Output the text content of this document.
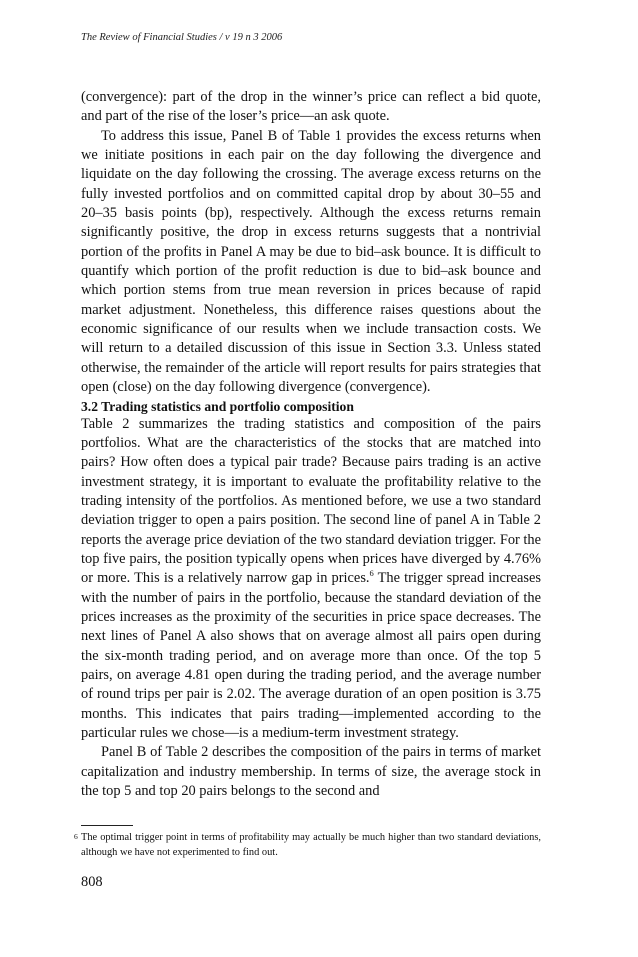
The Review of Financial Studies / v 19 n 3 2006

(convergence): part of the drop in the winner’s price can reflect a bid quote, and part of the rise of the loser’s price—an ask quote.

To address this issue, Panel B of Table 1 provides the excess returns when we initiate positions in each pair on the day following the divergence and liquidate on the day following the crossing. The average excess returns on the fully invested portfolios and on committed capital drop by about 30–55 and 20–35 basis points (bp), respectively. Although the excess returns remain significantly positive, the drop in excess returns suggests that a nontrivial portion of the profits in Panel A may be due to bid–ask bounce. It is difficult to quantify which portion of the profit reduction is due to bid–ask bounce and which portion stems from true mean reversion in prices because of rapid market adjustment. Nonetheless, this difference raises questions about the economic significance of our results when we include transaction costs. We will return to a detailed discussion of this issue in Section 3.3. Unless stated otherwise, the remainder of the article will report results for pairs strategies that open (close) on the day following divergence (convergence).

3.2 Trading statistics and portfolio composition

Table 2 summarizes the trading statistics and composition of the pairs portfolios. What are the characteristics of the stocks that are matched into pairs? How often does a typical pair trade? Because pairs trading is an active investment strategy, it is important to evaluate the profitability relative to the trading intensity of the portfolios. As mentioned before, we use a two standard deviation trigger to open a pairs position. The second line of panel A in Table 2 reports the average price deviation of the two standard deviation trigger. For the top five pairs, the position typically opens when prices have diverged by 4.76% or more. This is a relatively narrow gap in prices.$^6$ The trigger spread increases with the number of pairs in the portfolio, because the standard deviation of the prices increases as the proximity of the securities in price space decreases. The next lines of Panel A also shows that on average almost all pairs open during the six-month trading period, and on average more than once. Of the top 5 pairs, on average 4.81 open during the trading period, and the average number of round trips per pair is 2.02. The average duration of an open position is 3.75 months. This indicates that pairs trading—implemented according to the particular rules we chose—is a medium-term investment strategy.

Panel B of Table 2 describes the composition of the pairs in terms of market capitalization and industry membership. In terms of size, the average stock in the top 5 and top 20 pairs belongs to the second and

6 The optimal trigger point in terms of profitability may actually be much higher than two standard deviations, although we have not experimented to find out.
808
